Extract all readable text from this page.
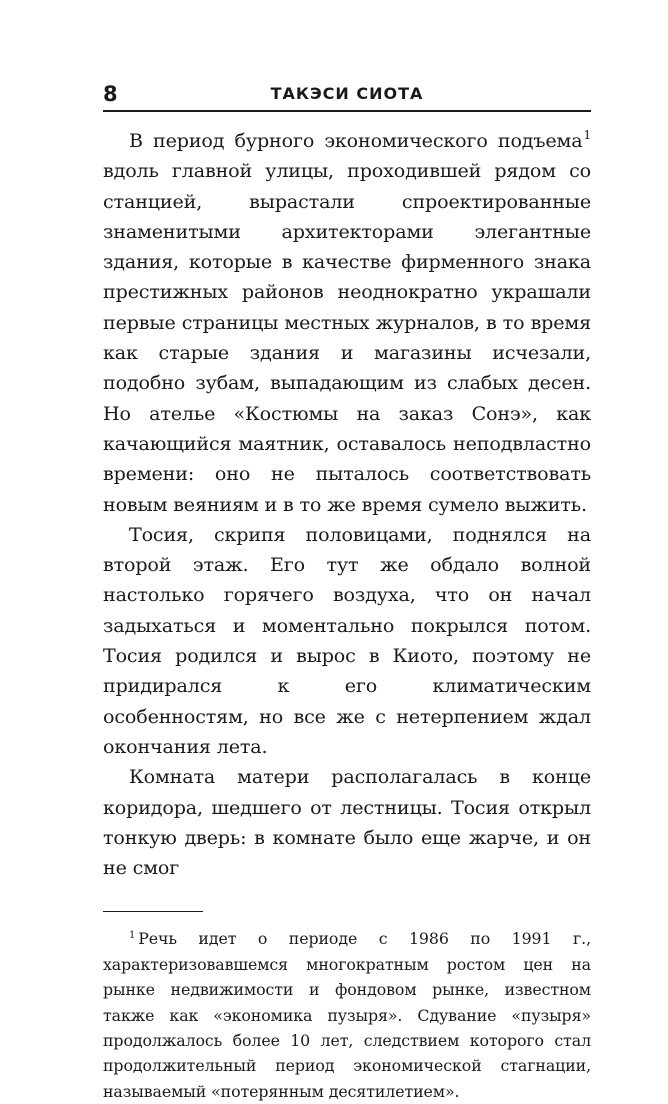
8	ТАКЭСИ СИОТА

В период бурного экономического подъема$^1$ вдоль главной улицы, проходившей рядом со станцией, вырастали спроектированные знаменитыми архитекторами элегантные здания, которые в качестве фирменного знака престижных районов неоднократно украшали первые страницы местных журналов, в то время как старые здания и магазины исчезали, подобно зубам, выпадающим из слабых десен. Но ателье «Костюмы на заказ Сонэ», как качающийся маятник, оставалось неподвластно времени: оно не пыталось соответствовать новым веяниям и в то же время сумело выжить.

Тосия, скрипя половицами, поднялся на второй этаж. Его тут же обдало волной настолько горячего воздуха, что он начал задыхаться и моментально покрылся потом. Тосия родился и вырос в Киото, поэтому не придирался к его климатическим особенностям, но все же с нетерпением ждал окончания лета.

Комната матери располагалась в конце коридора, шедшего от лестницы. Тосия открыл тонкую дверь: в комнате было еще жарче, и он не смог

$^1$ Речь идет о периоде с 1986 по 1991 г., характеризовавшемся многократным ростом цен на рынке недвижимости и фондовом рынке, известном также как «экономика пузыря». Сдувание «пузыря» продолжалось более 10 лет, следствием которого стал продолжительный период экономической стагнации, называемый «потерянным десятилетием».
